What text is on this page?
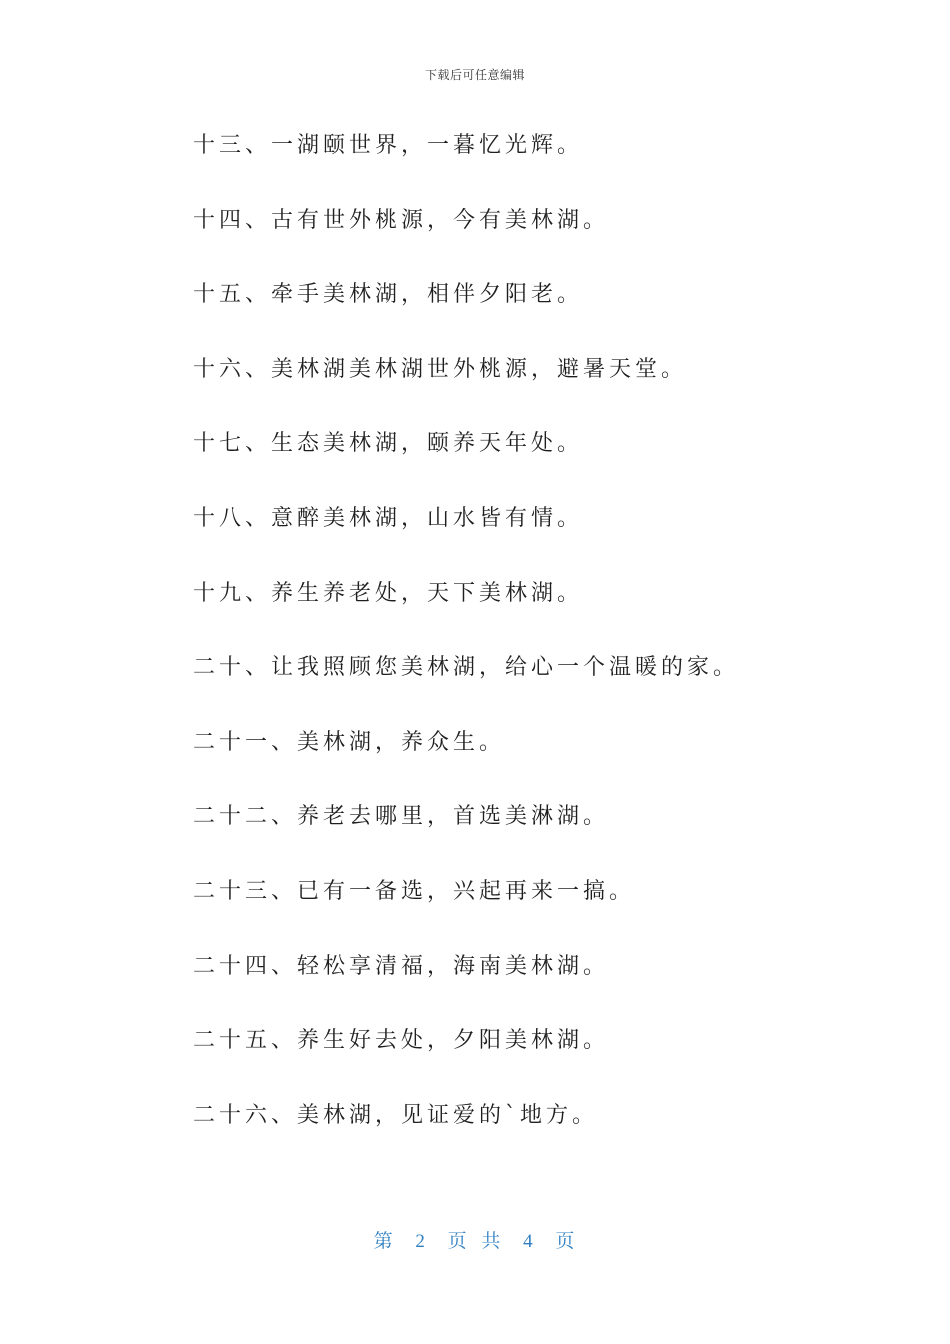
下载后可任意编辑
十三、一湖颐世界，一暮忆光辉。
十四、古有世外桃源，今有美林湖。
十五、牵手美林湖，相伴夕阳老。
十六、美林湖美林湖世外桃源，避暑天堂。
十七、生态美林湖，颐养天年处。
十八、意醉美林湖，山水皆有情。
十九、养生养老处，天下美林湖。
二十、让我照顾您美林湖，给心一个温暖的家。
二十一、美林湖，养众生。
二十二、养老去哪里，首选美淋湖。
二十三、已有一备选，兴起再来一搞。
二十四、轻松享清福，海南美林湖。
二十五、养生好去处，夕阳美林湖。
二十六、美林湖，见证爱的`地方。
第 2 页 共 4 页
